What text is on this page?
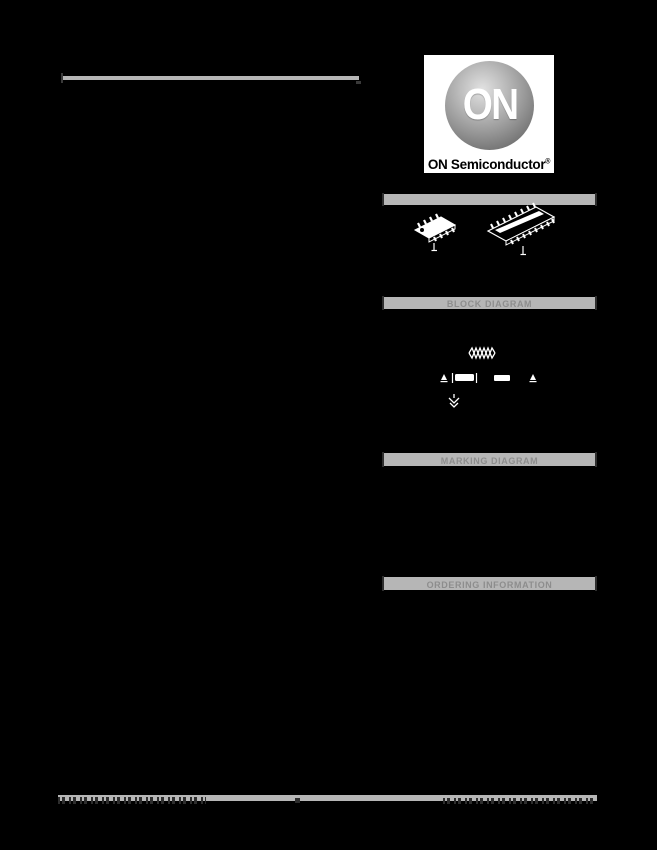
ON
ON Semiconductor®
BLOCK DIAGRAM
MARKING DIAGRAM
ORDERING INFORMATION
